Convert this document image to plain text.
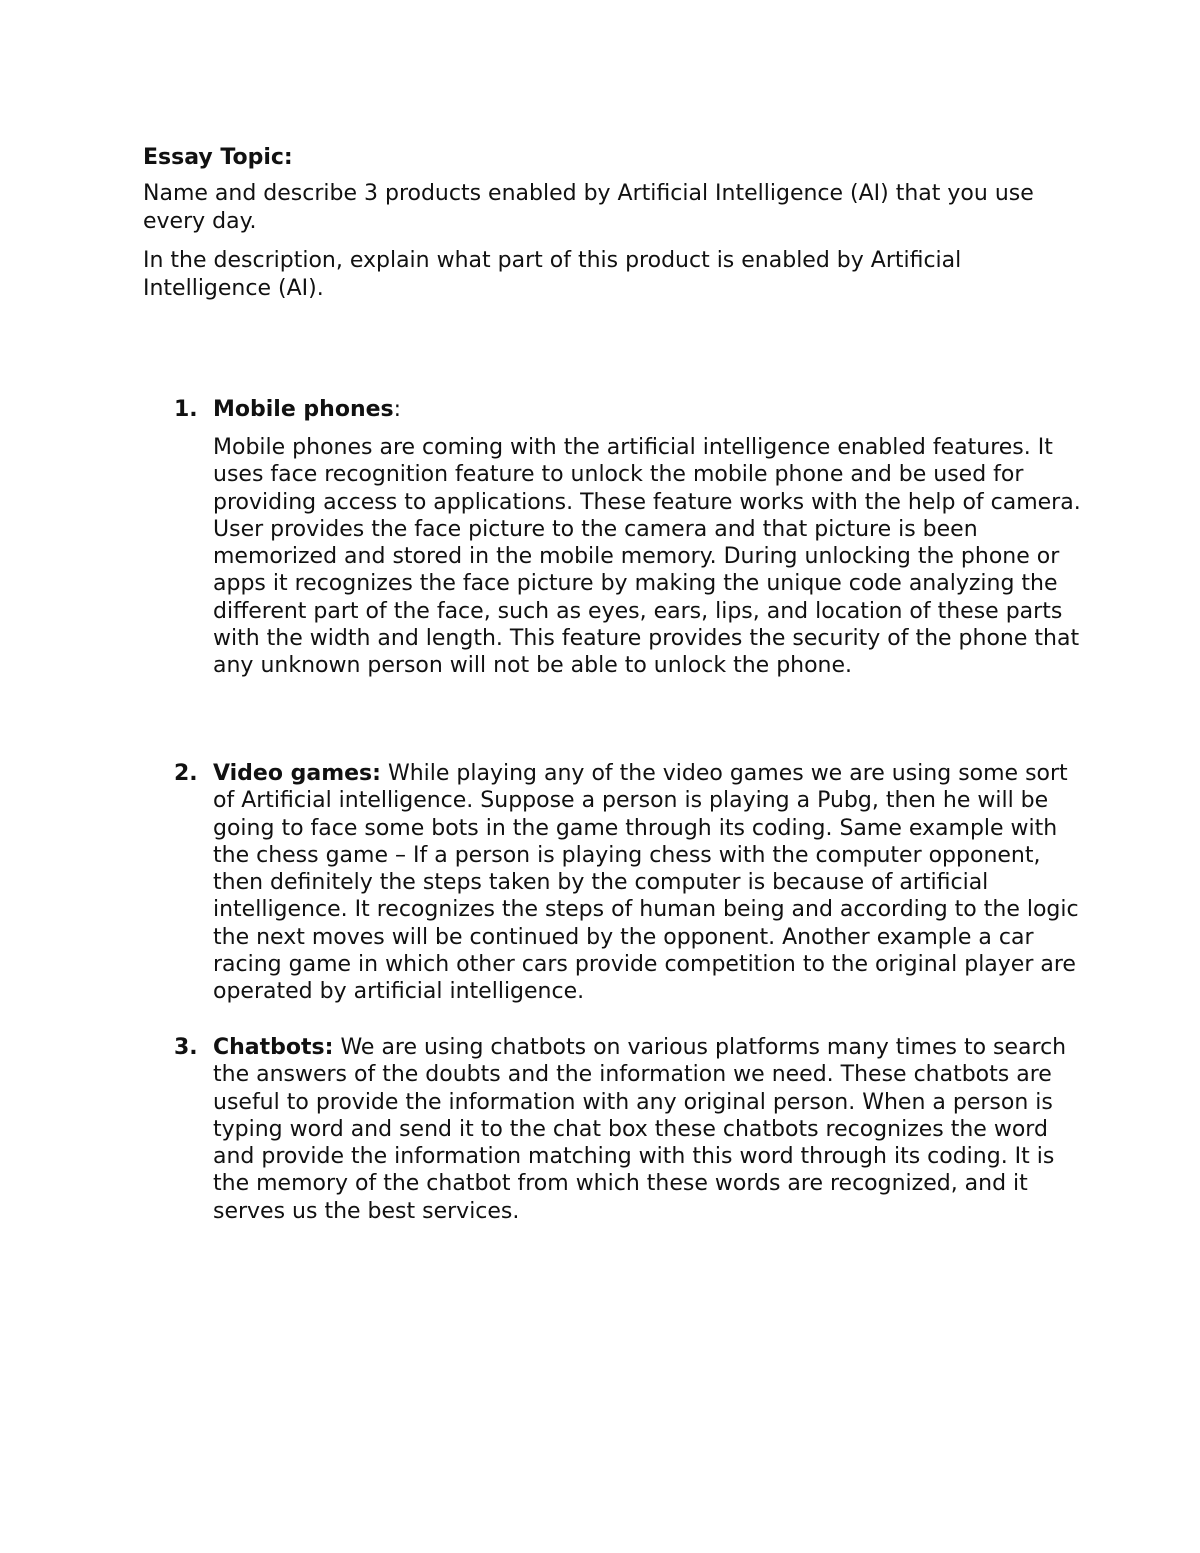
Essay Topic:
Name and describe 3 products enabled by Artificial Intelligence (AI) that you use every day.
In the description, explain what part of this product is enabled by Artificial Intelligence (AI).
1. Mobile phones:
Mobile phones are coming with the artificial intelligence enabled features. It uses face recognition feature to unlock the mobile phone and be used for providing access to applications. These feature works with the help of camera. User provides the face picture to the camera and that picture is been memorized and stored in the mobile memory. During unlocking the phone or apps it recognizes the face picture by making the unique code analyzing the different part of the face, such as eyes, ears, lips, and location of these parts with the width and length. This feature provides the security of the phone that any unknown person will not be able to unlock the phone.
2. Video games: While playing any of the video games we are using some sort of Artificial intelligence. Suppose a person is playing a Pubg, then he will be going to face some bots in the game through its coding. Same example with the chess game – If a person is playing chess with the computer opponent, then definitely the steps taken by the computer is because of artificial intelligence. It recognizes the steps of human being and according to the logic the next moves will be continued by the opponent. Another example a car racing game in which other cars provide competition to the original player are operated by artificial intelligence.
3. Chatbots: We are using chatbots on various platforms many times to search the answers of the doubts and the information we need. These chatbots are useful to provide the information with any original person. When a person is typing word and send it to the chat box these chatbots recognizes the word and provide the information matching with this word through its coding. It is the memory of the chatbot from which these words are recognized, and it serves us the best services.
